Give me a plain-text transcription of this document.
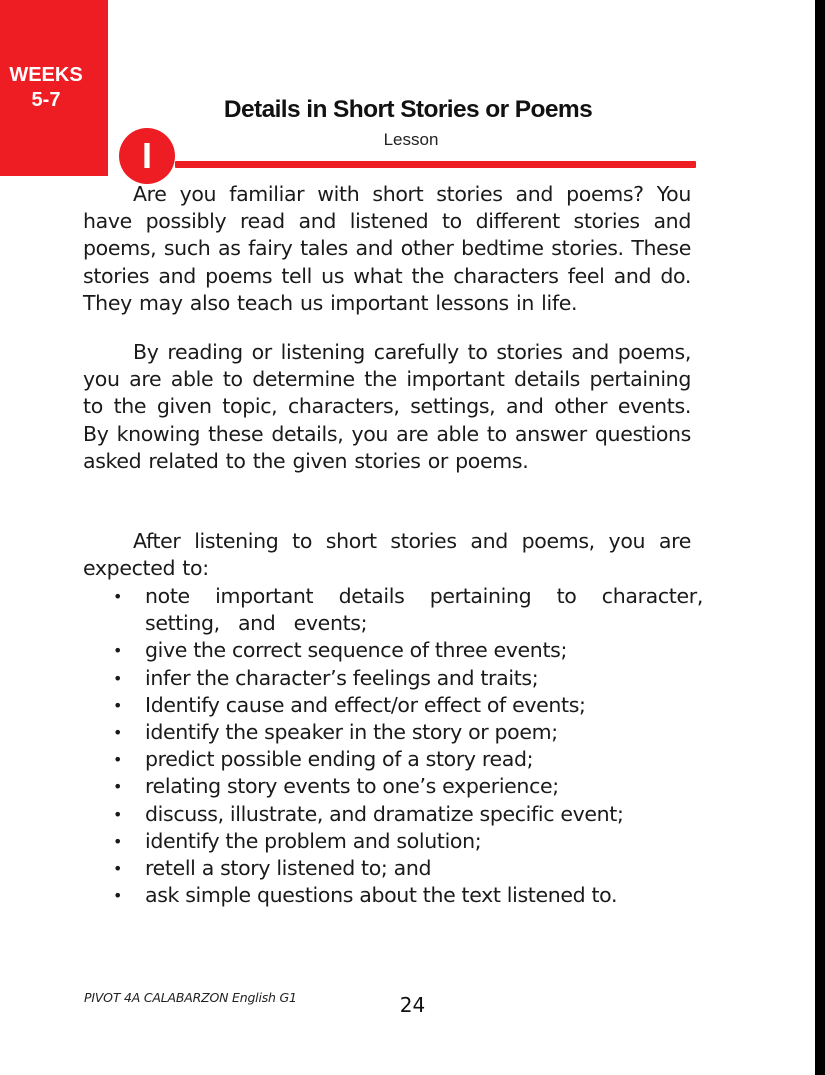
WEEKS
5-7	Details in Short Stories or Poems
I	Lesson

Are you familiar with short stories and poems? You have possibly read and listened to different stories and poems, such as fairy tales and other bedtime stories. These stories and poems tell us what the characters feel and do. They may also teach us important lessons in life.

By reading or listening carefully to stories and poems, you are able to determine the important details pertaining to the given topic, characters, settings, and other events. By knowing these details, you are able to answer questions asked related to the given stories or poems.

After listening to short stories and poems, you are expected to:

• note important details pertaining to character, setting, and events;
• give the correct sequence of three events;
• infer the character’s feelings and traits;
• Identify cause and effect/or effect of events;
• identify the speaker in the story or poem;
• predict possible ending of a story read;
• relating story events to one’s experience;
• discuss, illustrate, and dramatize specific event;
• identify the problem and solution;
• retell a story listened to; and
• ask simple questions about the text listened to.
PIVOT 4A CALABARZON English G1	24
